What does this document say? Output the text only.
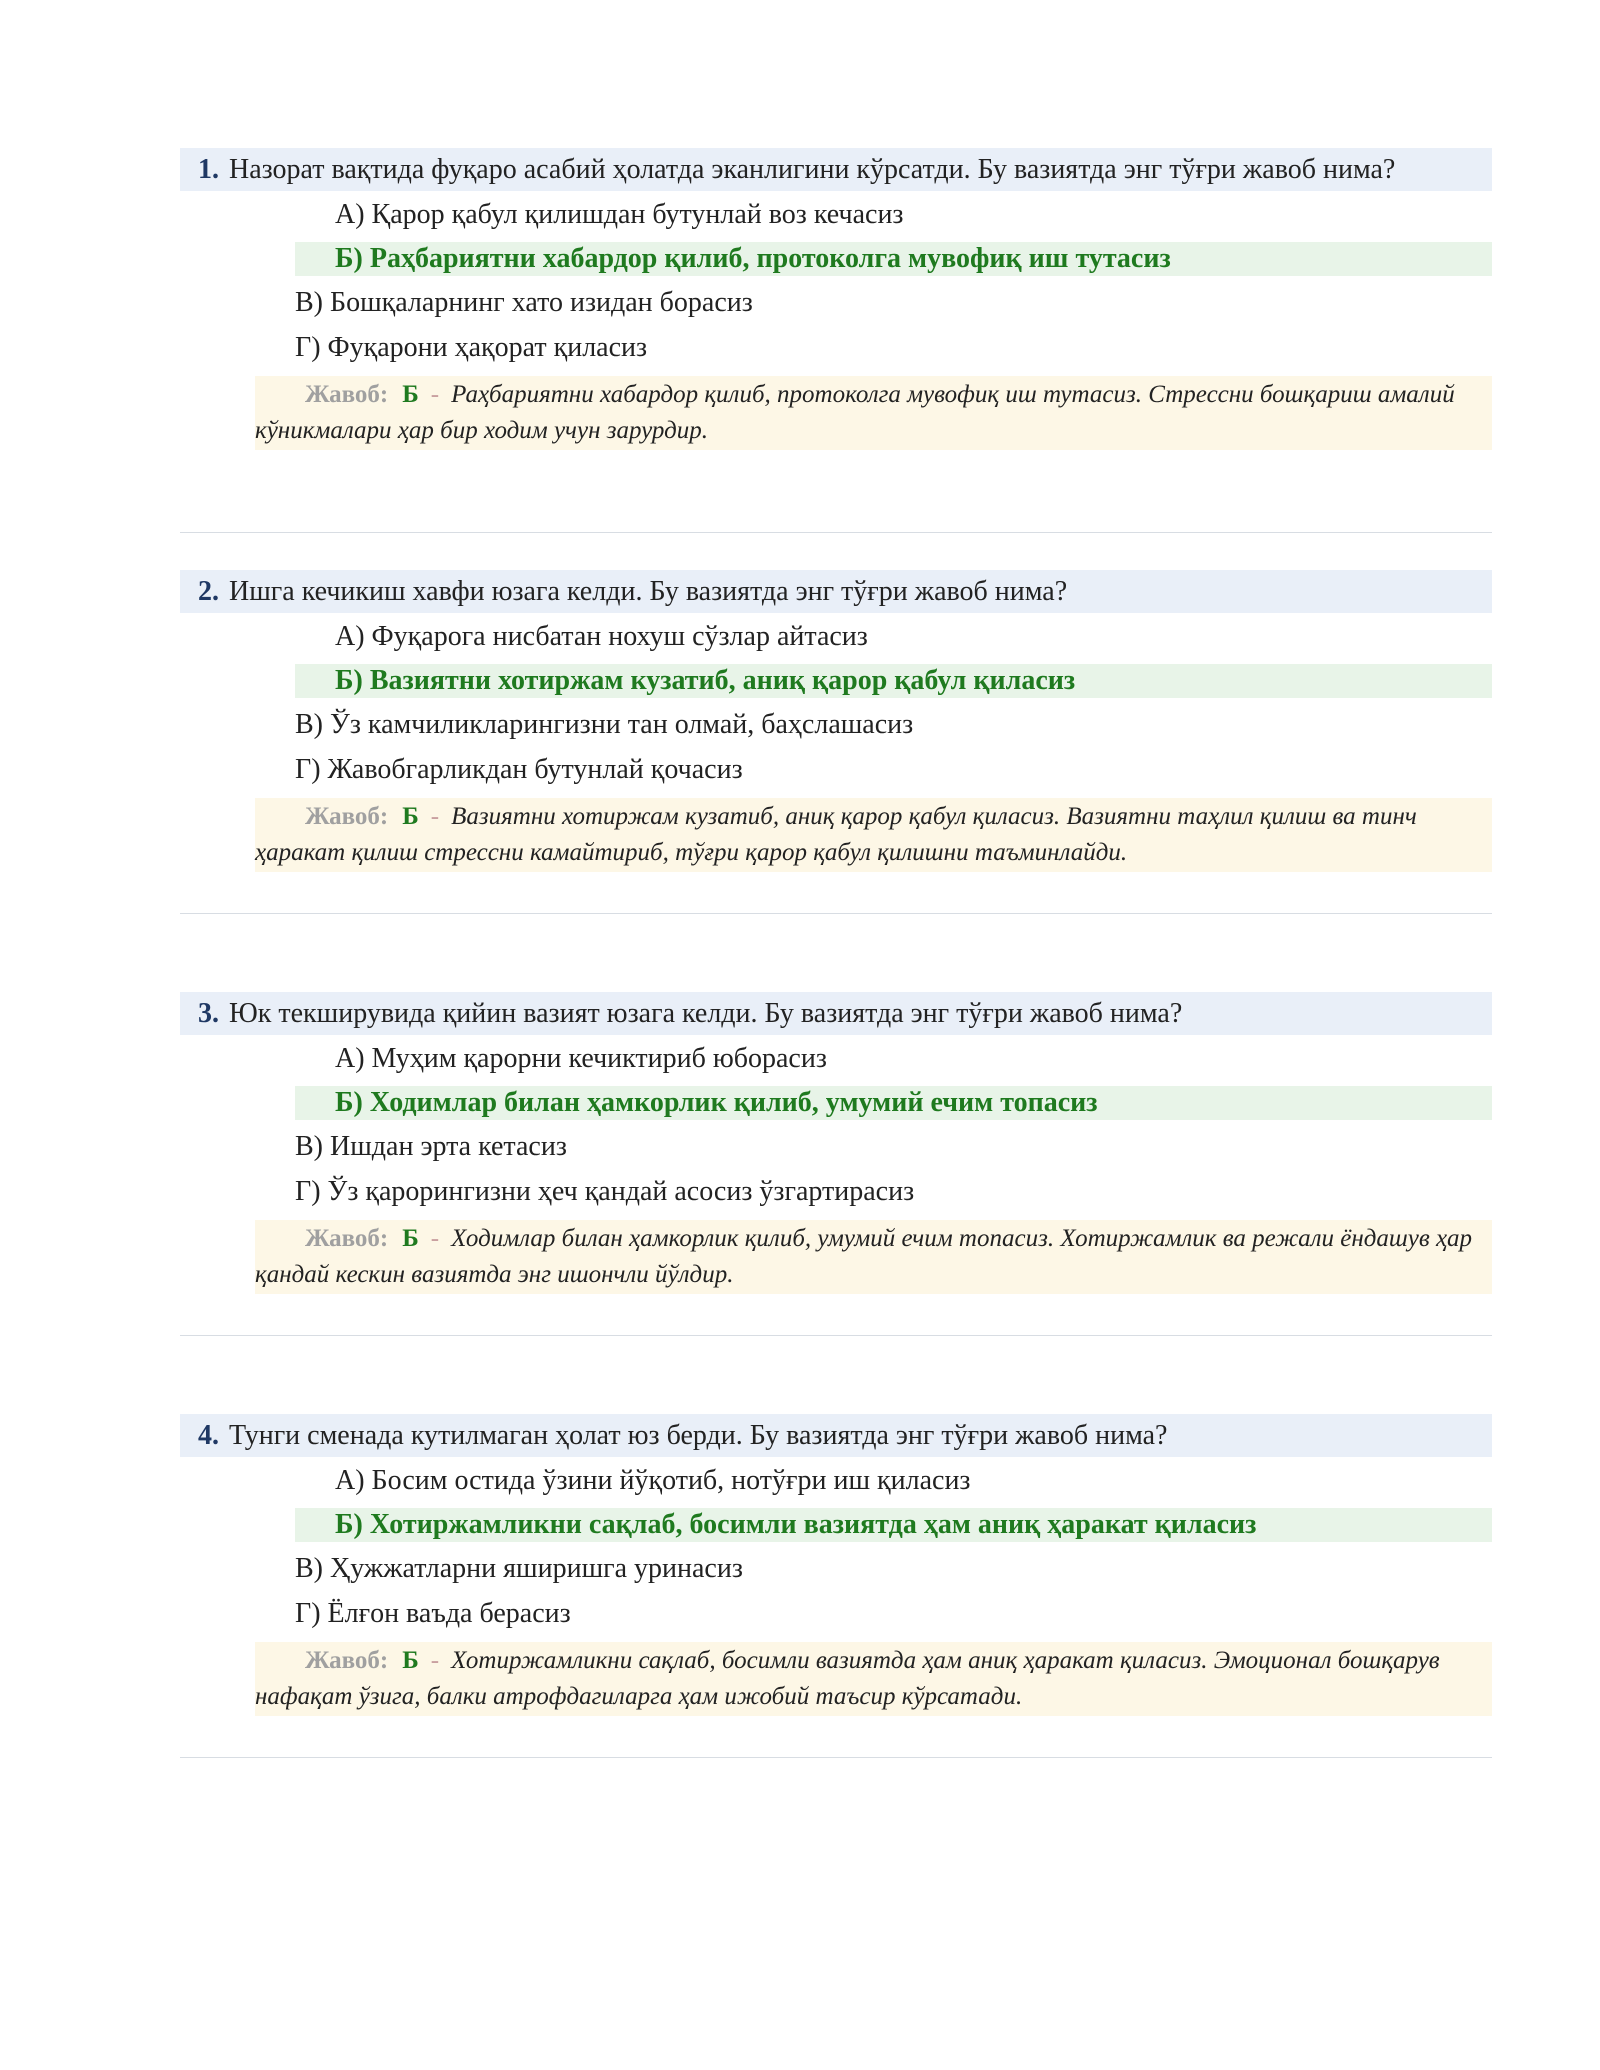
1. Назорат вақтида фуқаро асабий ҳолатда эканлигини кўрсатди. Бу вазиятда энг тўғри жавоб нима?

А) Қарор қабул қилишдан бутунлай воз кечасиз

Б) Раҳбариятни хабардор қилиб, протоколга мувофиқ иш тутасиз

В) Бошқаларнинг хато изидан борасиз

Г) Фуқарони ҳақорат қиласиз

Жавоб: Б - Раҳбариятни хабардор қилиб, протоколга мувофиқ иш тутасиз. Стрессни бошқариш амалий кўникмалари ҳар бир ходим учун зарурдир.

2. Ишга кечикиш хавфи юзага келди. Бу вазиятда энг тўғри жавоб нима?

А) Фуқарога нисбатан нохуш сўзлар айтасиз

Б) Вазиятни хотиржам кузатиб, аниқ қарор қабул қиласиз

В) Ўз камчиликларингизни тан олмай, баҳслашасиз

Г) Жавобгарликдан бутунлай қочасиз

Жавоб: Б - Вазиятни хотиржам кузатиб, аниқ қарор қабул қиласиз. Вазиятни таҳлил қилиш ва тинч ҳаракат қилиш стрессни камайтириб, тўғри қарор қабул қилишни таъминлайди.

3. Юк текширувида қийин вазият юзага келди. Бу вазиятда энг тўғри жавоб нима?

А) Муҳим қарорни кечиктириб юборасиз

Б) Ходимлар билан ҳамкорлик қилиб, умумий ечим топасиз

В) Ишдан эрта кетасиз

Г) Ўз қарорингизни ҳеч қандай асосиз ўзгартирасиз

Жавоб: Б - Ходимлар билан ҳамкорлик қилиб, умумий ечим топасиз. Хотиржамлик ва режали ёндашув ҳар қандай кескин вазиятда энг ишончли йўлдир.

4. Тунги сменада кутилмаган ҳолат юз берди. Бу вазиятда энг тўғри жавоб нима?

А) Босим остида ўзини йўқотиб, нотўғри иш қиласиз

Б) Хотиржамликни сақлаб, босимли вазиятда ҳам аниқ ҳаракат қиласиз

В) Ҳужжатларни яширишга уринасиз

Г) Ёлғон ваъда берасиз

Жавоб: Б - Хотиржамликни сақлаб, босимли вазиятда ҳам аниқ ҳаракат қиласиз. Эмоционал бошқарув нафақат ўзига, балки атрофдагиларга ҳам ижобий таъсир кўрсатади.
